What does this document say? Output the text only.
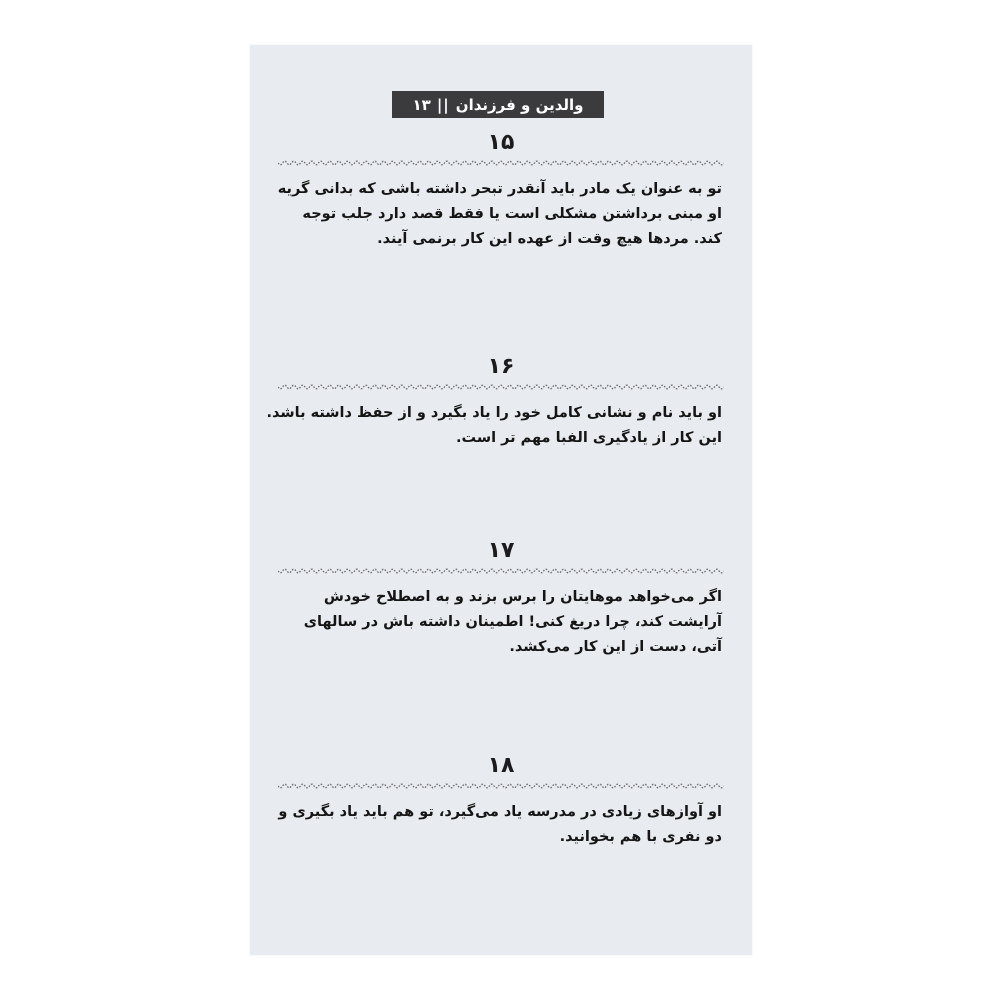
والدین و فرزندان
||
۱۳
۱۵

تو به عنوان یک مادر باید آنقدر تبحر داشته باشی که بدانی گریه

او مبنی برداشتن مشکلی است یا فقط قصد دارد جلب توجه

کند. مردها هیچ وقت از عهده این کار برنمی آیند.

۱۶

او باید نام و نشانی کامل خود را یاد بگیرد و از حفظ داشته باشد.

این کار از یادگیری الفبا مهم تر است.

۱۷

اگر می‌خواهد موهایتان را برس بزند و به اصطلاح خودش

آرایشت کند، چرا دریغ کنی! اطمینان داشته باش در سالهای

آتی، دست از این کار می‌کشد.

۱۸

او آوازهای زیادی در مدرسه یاد می‌گیرد، تو هم باید یاد بگیری و

دو نفری با هم بخوانید.
